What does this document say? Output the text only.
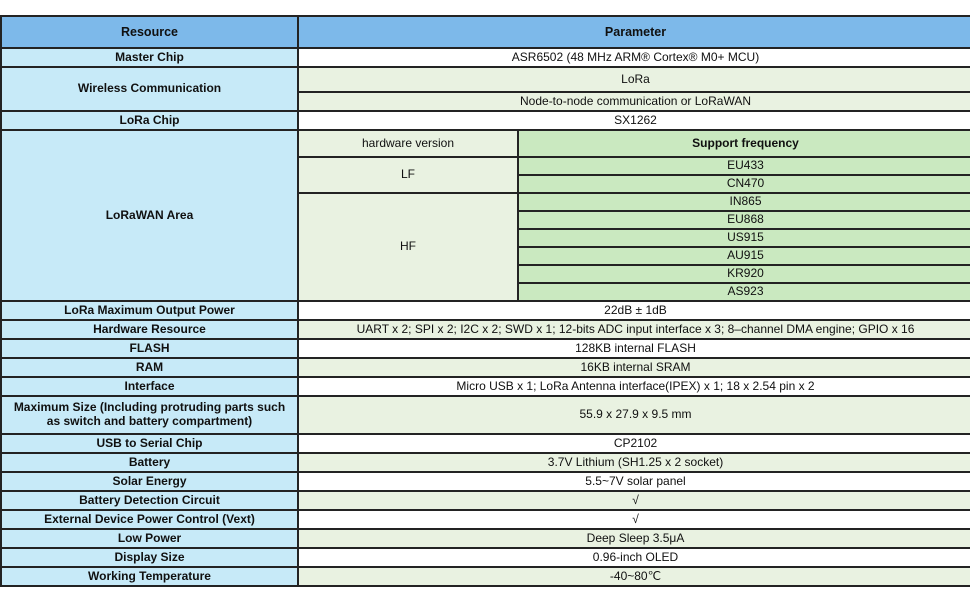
Resource	Parameter	
Master Chip	ASR6502 (48 MHz ARM® Cortex® M0+ MCU)	
Wireless Communication	LoRa	
	Node-to-node communication or LoRaWAN	
LoRa Chip	SX1262	
LoRaWAN Area	hardware version	Support frequency
	LF	EU433
		CN470
	HF	IN865
		EU868
		US915
		AU915
		KR920
		AS923
LoRa Maximum Output Power	22dB ± 1dB	
Hardware Resource	UART x 2; SPI x 2; I2C x 2; SWD x 1; 12-bits ADC input interface x 3; 8–channel DMA engine; GPIO x 16	
FLASH	128KB internal FLASH	
RAM	16KB internal SRAM	
Interface	Micro USB x 1; LoRa Antenna interface(IPEX) x 1; 18 x 2.54 pin x 2	
Maximum Size (Including protruding parts such as switch and battery compartment)	55.9 x 27.9 x 9.5 mm	
USB to Serial Chip	CP2102	
Battery	3.7V Lithium (SH1.25 x 2 socket)	
Solar Energy	5.5~7V solar panel	
Battery Detection Circuit	√	
External Device Power Control (Vext)	√	
Low Power	Deep Sleep 3.5μA	
Display Size	0.96-inch OLED	
Working Temperature	-40~80℃	
